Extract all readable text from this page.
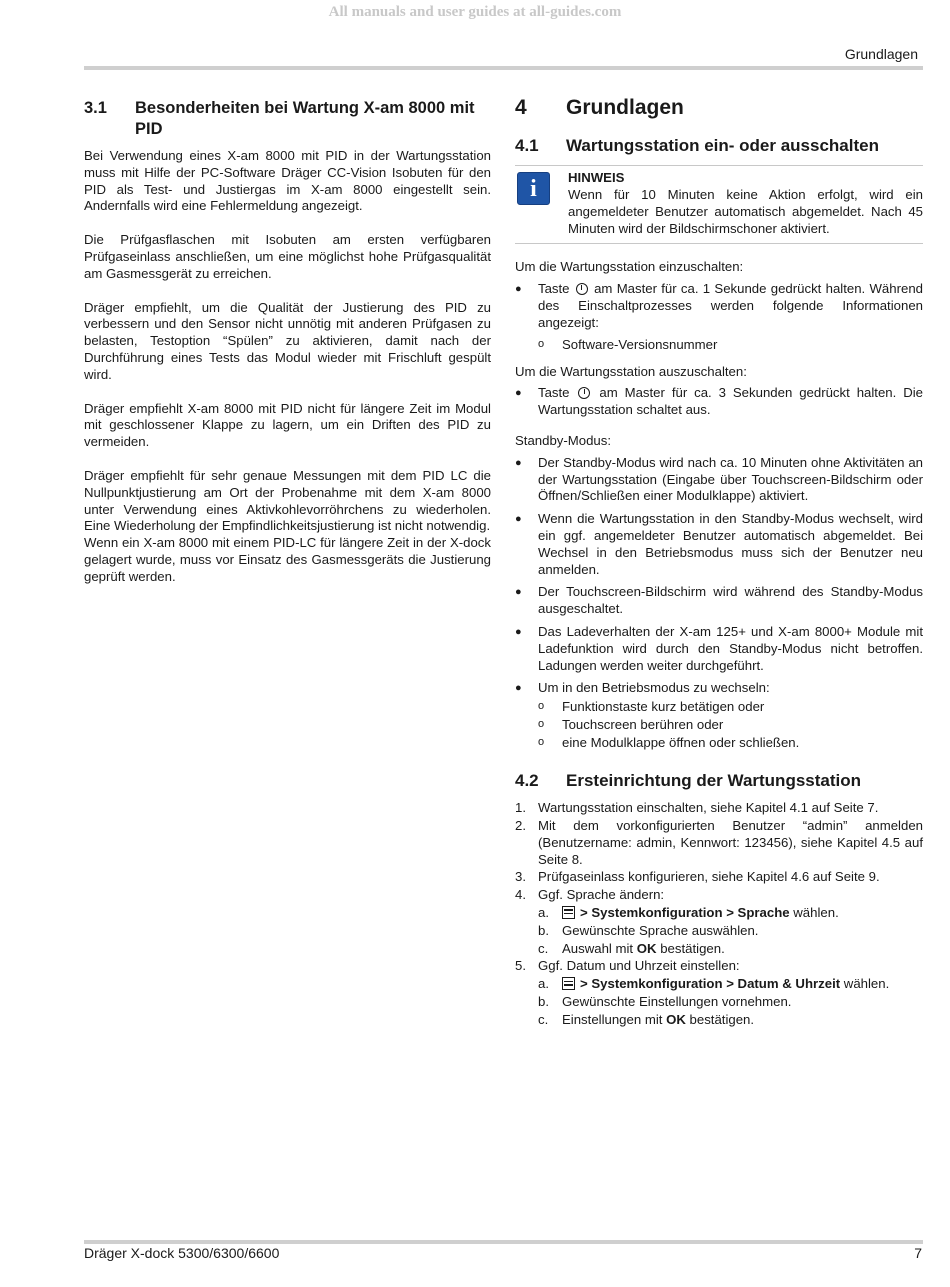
All manuals and user guides at all-guides.com
Grundlagen
3.1	Besonderheiten bei Wartung X-am 8000 mit PID

Bei Verwendung eines X-am 8000 mit PID in der Wartungsstation muss mit Hilfe der PC-Software Dräger CC-Vision Isobuten für den PID als Test- und Justiergas im X-am 8000 eingestellt sein. Andernfalls wird eine Fehlermeldung angezeigt.

Die Prüfgasflaschen mit Isobuten am ersten verfügbaren Prüfgaseinlass anschließen, um eine möglichst hohe Prüfgasqualität am Gasmessgerät zu erreichen.

Dräger empfiehlt, um die Qualität der Justierung des PID zu verbessern und den Sensor nicht unnötig mit anderen Prüfgasen zu belasten, Testoption “Spülen” zu aktivieren, damit nach der Durchführung eines Tests das Modul wieder mit Frischluft gespült wird.

Dräger empfiehlt X-am 8000 mit PID nicht für längere Zeit im Modul mit geschlossener Klappe zu lagern, um ein Driften des PID zu vermeiden.

Dräger empfiehlt für sehr genaue Messungen mit dem PID LC die Nullpunktjustierung am Ort der Probenahme mit dem X-am 8000 unter Verwendung eines Aktivkohlevorröhrchens zu wiederholen. Eine Wiederholung der Empfindlichkeitsjustierung ist nicht notwendig.

Wenn ein X-am 8000 mit einem PID-LC für längere Zeit in der X-dock gelagert wurde, muss vor Einsatz des Gasmessgeräts die Justierung geprüft werden.

4	Grundlagen
4.1	Wartungsstation ein- oder ausschalten
i	HINWEIS
Wenn für 10 Minuten keine Aktion erfolgt, wird ein angemeldeter Benutzer automatisch abgemeldet. Nach 45 Minuten wird der Bildschirmschoner aktiviert.
Um die Wartungsstation einzuschalten:
●	Taste am Master für ca. 1 Sekunde gedrückt halten. Während des Einschaltprozesses werden folgende Informationen angezeigt:
o	Software-Versionsnummer
Um die Wartungsstation auszuschalten:
●	Taste am Master für ca. 3 Sekunden gedrückt halten. Die Wartungsstation schaltet aus.
Standby-Modus:
●	Der Standby-Modus wird nach ca. 10 Minuten ohne Aktivitäten an der Wartungsstation (Eingabe über Touchscreen-Bildschirm oder Öffnen/Schließen einer Modulklappe) aktiviert.
●	Wenn die Wartungsstation in den Standby-Modus wechselt, wird ein ggf. angemeldeter Benutzer automatisch abgemeldet. Bei Wechsel in den Betriebsmodus muss sich der Benutzer neu anmelden.
●	Der Touchscreen-Bildschirm wird während des Standby-Modus ausgeschaltet.
●	Das Ladeverhalten der X-am 125+ und X-am 8000+ Module mit Ladefunktion wird durch den Standby-Modus nicht betroffen. Ladungen werden weiter durchgeführt.
●	Um in den Betriebsmodus zu wechseln:
o	Funktionstaste kurz betätigen oder
o	Touchscreen berühren oder
o	eine Modulklappe öffnen oder schließen.
4.2	Ersteinrichtung der Wartungsstation
1. Wartungsstation einschalten, siehe Kapitel 4.1 auf Seite 7.
2. Mit dem vorkonfigurierten Benutzer “admin” anmelden (Benutzername: admin, Kennwort: 123456), siehe Kapitel 4.5 auf Seite 8.
3. Prüfgaseinlass konfigurieren, siehe Kapitel 4.6 auf Seite 9.
4. Ggf. Sprache ändern:
a.	> Systemkonfiguration > Sprache wählen.
b. Gewünschte Sprache auswählen.
c.	Auswahl mit OK bestätigen.
5. Ggf. Datum und Uhrzeit einstellen:
a.	> Systemkonfiguration > Datum & Uhrzeit wählen.
b. Gewünschte Einstellungen vornehmen.
c.	Einstellungen mit OK bestätigen.
Dräger X-dock 5300/6300/6600	7
